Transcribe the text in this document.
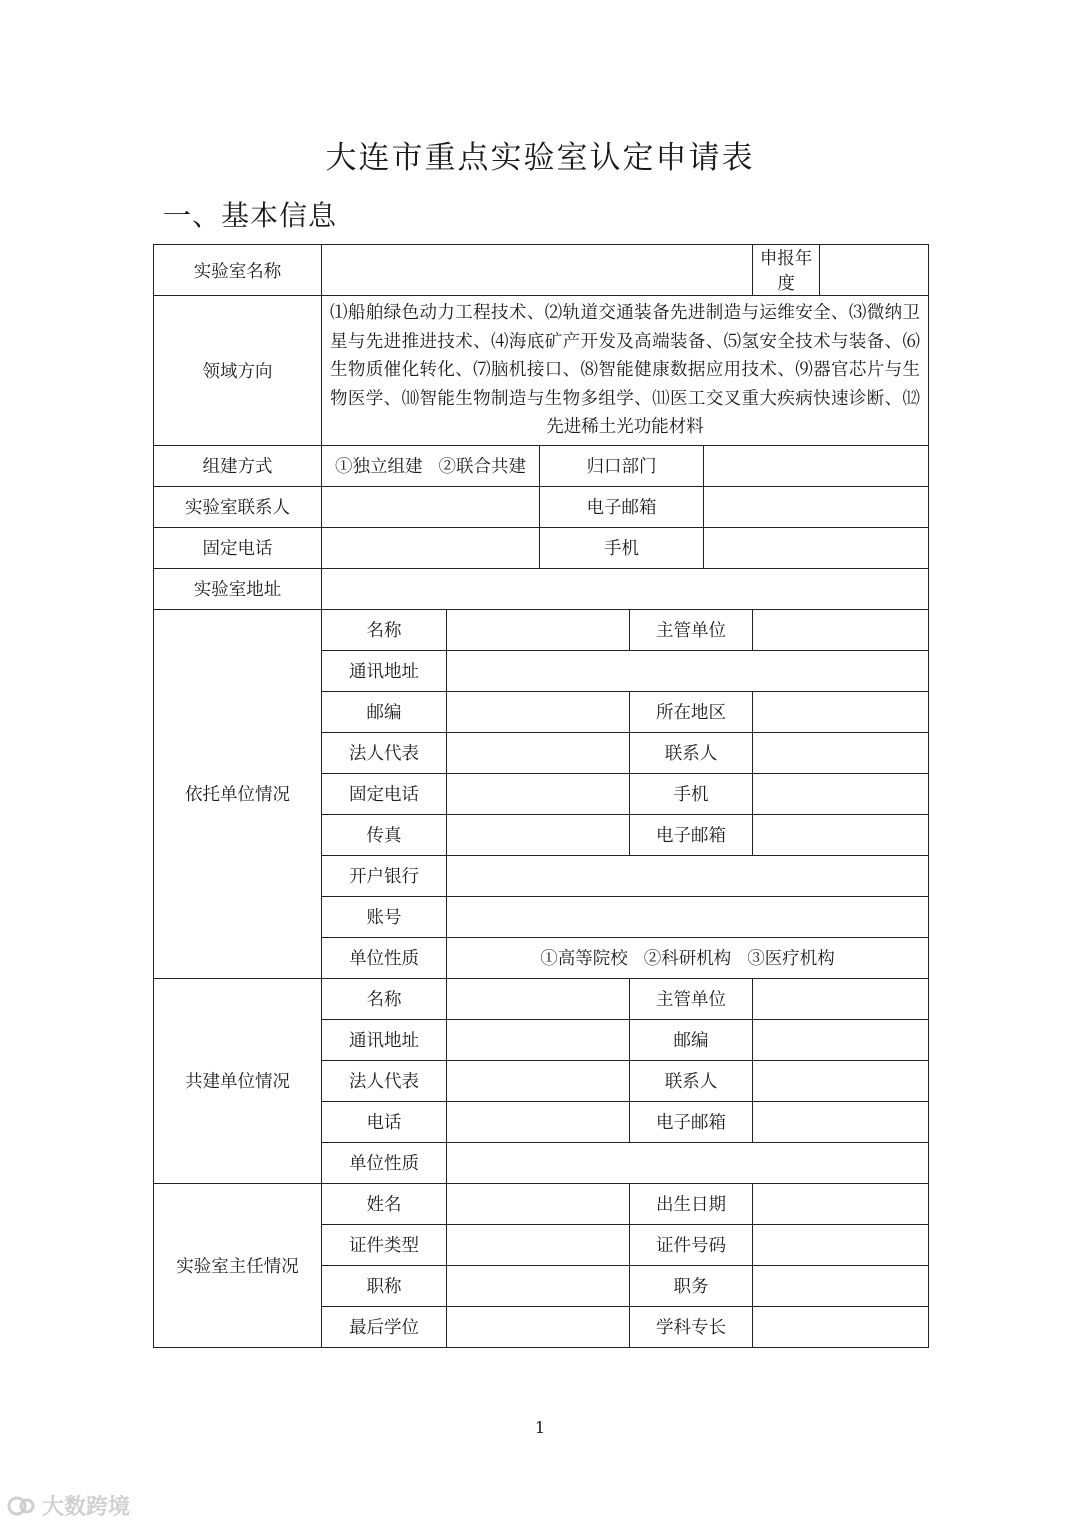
大连市重点实验室认定申请表
一、基本信息
实验室名称						申报年度	
领域方向	⑴船舶绿色动力工程技术、⑵轨道交通装备先进制造与运维安全、⑶微纳卫星与先进推进技术、⑷海底矿产开发及高端装备、⑸氢安全技术与装备、⑹生物质催化转化、⑺脑机接口、⑻智能健康数据应用技术、⑼器官芯片与生物医学、⑽智能生物制造与生物多组学、⑾医工交叉重大疾病快速诊断、⑿先进稀土光功能材料						
组建方式	①独立组建 ②联合共建		归口部门				
实验室联系人			电子邮箱				
固定电话			手机				
实验室地址							
依托单位情况	名称			主管单位			
	通讯地址						
	邮编			所在地区			
	法人代表			联系人			
	固定电话			手机			
	传真			电子邮箱			
	开户银行						
	账号						
	单位性质	①高等院校 ②科研机构 ③医疗机构					
共建单位情况	名称			主管单位			
	通讯地址			邮编			
	法人代表			联系人			
	电话			电子邮箱			
	单位性质						
实验室主任情况	姓名			出生日期			
	证件类型			证件号码			
	职称			职务			
	最后学位			学科专长			
1
大数跨境
